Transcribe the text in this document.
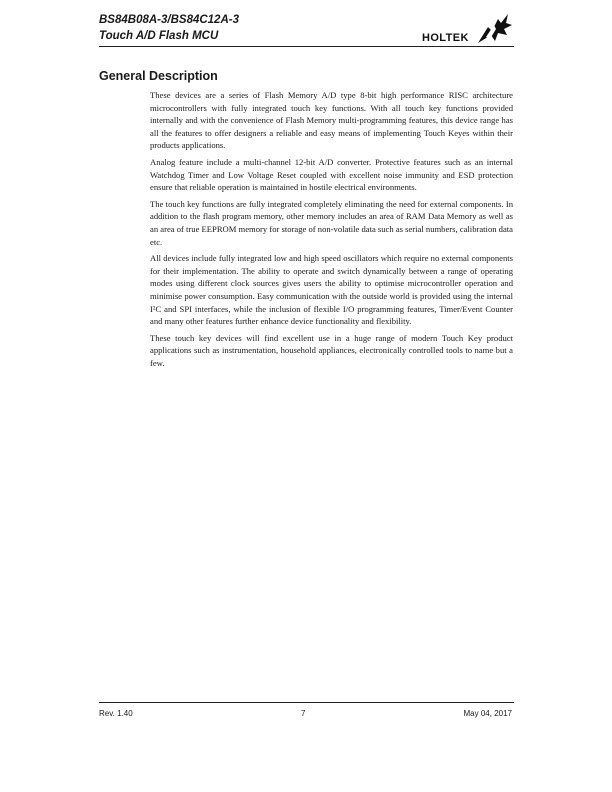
BS84B08A-3/BS84C12A-3
Touch A/D Flash MCU	HOLTEK
General Description

These devices are a series of Flash Memory A/D type 8-bit high performance RISC architecture microcontrollers with fully integrated touch key functions. With all touch key functions provided internally and with the convenience of Flash Memory multi-programming features, this device range has all the features to offer designers a reliable and easy means of implementing Touch Keyes within their products applications.

Analog feature include a multi-channel 12-bit A/D converter. Protective features such as an internal Watchdog Timer and Low Voltage Reset coupled with excellent noise immunity and ESD protection ensure that reliable operation is maintained in hostile electrical environments.

The touch key functions are fully integrated completely eliminating the need for external components. In addition to the flash program memory, other memory includes an area of RAM Data Memory as well as an area of true EEPROM memory for storage of non-volatile data such as serial numbers, calibration data etc.

All devices include fully integrated low and high speed oscillators which require no external components for their implementation. The ability to operate and switch dynamically between a range of operating modes using different clock sources gives users the ability to optimise microcontroller operation and minimise power consumption. Easy communication with the outside world is provided using the internal I²C and SPI interfaces, while the inclusion of flexible I/O programming features, Timer/Event Counter and many other features further enhance device functionality and flexibility.

These touch key devices will find excellent use in a huge range of modern Touch Key product applications such as instrumentation, household appliances, electronically controlled tools to name but a few.

Rev. 1.40	7	May 04, 2017
